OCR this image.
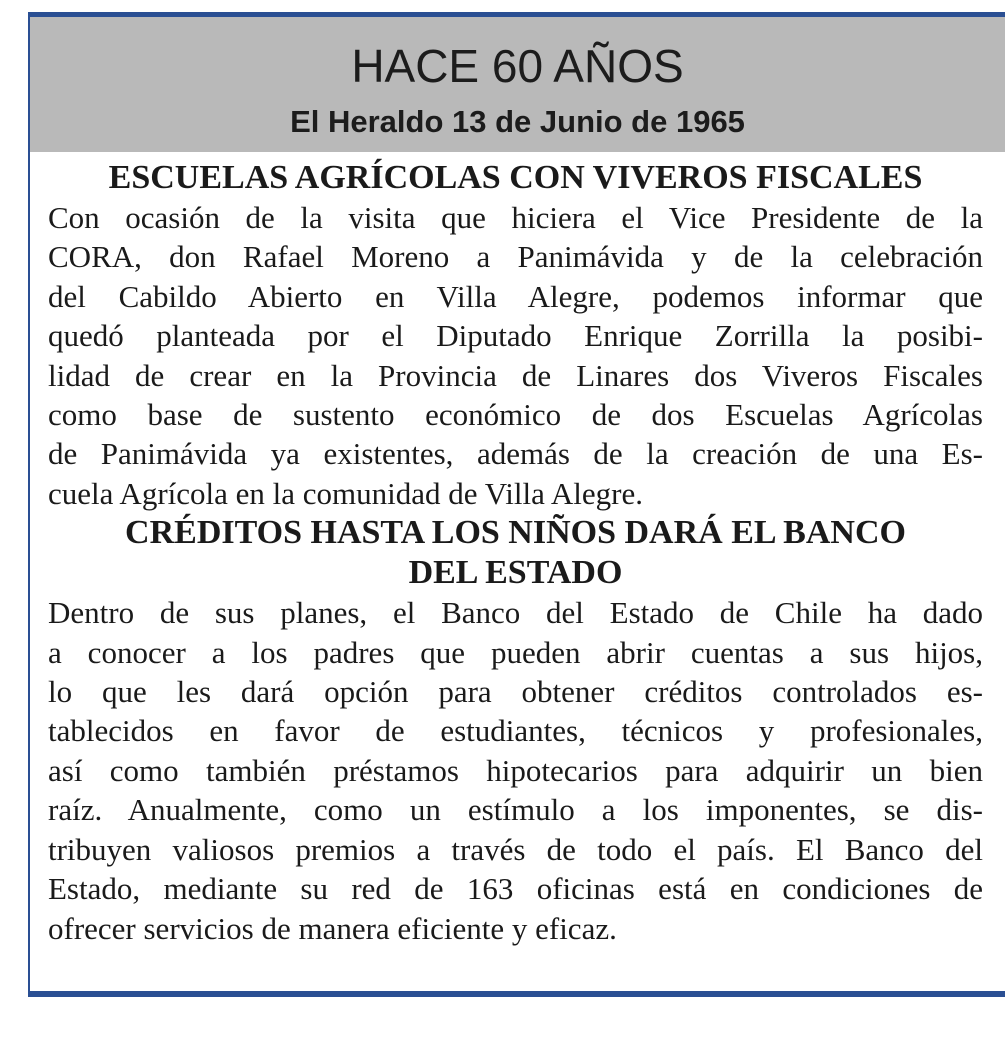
HACE 60 AÑOS
El Heraldo 13 de Junio de 1965
ESCUELAS AGRÍCOLAS CON VIVEROS FISCALES

Con ocasión de la visita que hiciera el Vice Presidente de la
CORA, don Rafael Moreno a Panimávida y de la celebración
del Cabildo Abierto en Villa Alegre, podemos informar que
quedó planteada por el Diputado Enrique Zorrilla la posibi-
lidad de crear en la Provincia de Linares dos Viveros Fiscales
como base de sustento económico de dos Escuelas Agrícolas
de Panimávida ya existentes, además de la creación de una Es-
cuela Agrícola en la comunidad de Villa Alegre.

CRÉDITOS HASTA LOS NIÑOS DARÁ EL BANCO
DEL ESTADO

Dentro de sus planes, el Banco del Estado de Chile ha dado
a conocer a los padres que pueden abrir cuentas a sus hijos,
lo que les dará opción para obtener créditos controlados es-
tablecidos en favor de estudiantes, técnicos y profesionales,
así como también préstamos hipotecarios para adquirir un bien
raíz. Anualmente, como un estímulo a los imponentes, se dis-
tribuyen valiosos premios a través de todo el país. El Banco del
Estado, mediante su red de 163 oficinas está en condiciones de
ofrecer servicios de manera eficiente y eficaz.
